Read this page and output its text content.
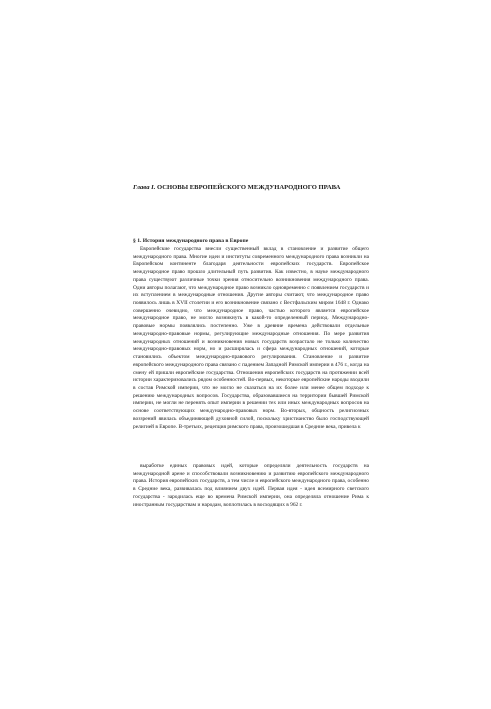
Глава I. ОСНОВЫ ЕВРОПЕЙСКОГО МЕЖДУНАРОДНОГО ПРАВА
§ 1. История международного права в Европе

Европейские государства внесли существенный вклад в становление и развитие общего международного права. Многие идеи и институты современного международного права возникли на Европейском континенте благодаря деятельности европейских государств. Европейское международное право прошло длительный путь развития. Как известно, в науке международного права существуют различные точки зрения относительно возникновения международного права. Одни авторы полагают, что международное право возникло одновременно с появлением государств и их вступлением в международные отношения. Другие авторы считают, что международное право появилось лишь в XVII столетии и его возникновение связано с Вестфальским миром 1648 г. Однако совершенно очевидно, что международное право, частью которого является европейское международное право, не могло возникнуть в какой-то определенный период. Международно-правовые нормы появлялись постепенно. Уже в древние времена действовали отдельные международно-правовые нормы, регулирующие международные отношения. По мере развития международных отношений и возникновения новых государств возрастало не только количество международно-правовых норм, но и расширялась и сфера международных отношений, которые становились объектом международно-правового регулирования. Становление и развитие европейского международного права связано с падением Западной Римской империи в 476 г., когда на смену ей пришли европейские государства. Отношения европейских государств на протяжении всей истории характеризовались рядом особенностей. Во-первых, некоторые европейские народы входили в состав Римской империи, что не могло не сказаться на их более или менее общем подходе к решению международных вопросов. Государства, образовавшиеся на территории бывшей Римской империи, не могли не перенять опыт империи в решении тех или иных международных вопросов на основе соответствующих международно-правовых норм. Во-вторых, общность религиозных воззрений явилась объединяющей духовной силой, поскольку христианство было господствующей религией в Европе. В-третьих, рецепция римского права, произошедшая в Средние века, привела к

выработке единых правовых идей, которые определяли деятельность государств на международной арене и способствовали возникновению и развитию европейского международного права. История европейских государств, а тем числе и европейского международного права, особенно в Средние века, развивалась под влиянием двух идей. Первая идея - идея всемирного светского государства - зародилась еще во времена Римской империи, она определяла отношение Рима к иностранным государствам и народам, воплотилась в восходящих в 962 г.
